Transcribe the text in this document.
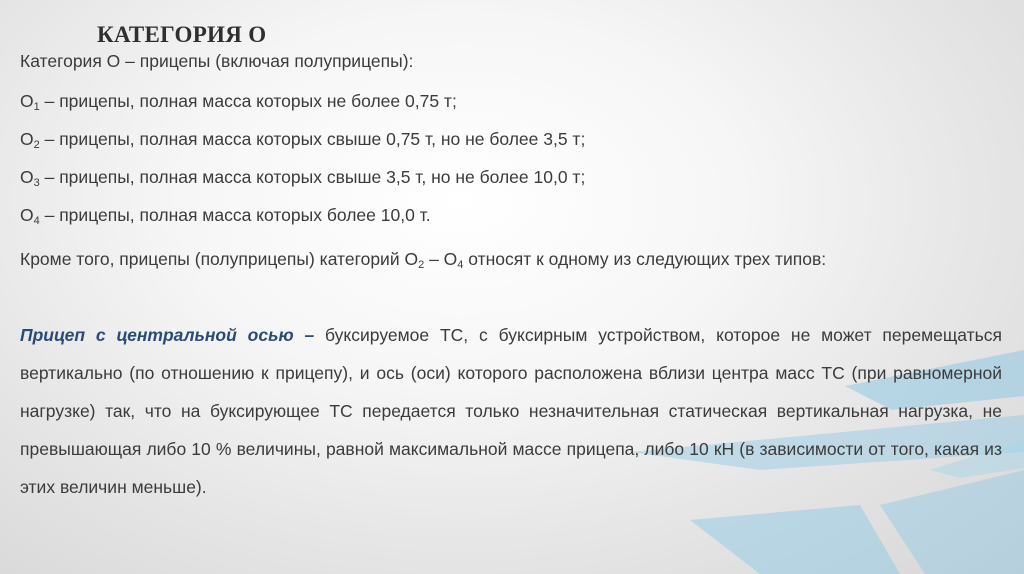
КАТЕГОРИЯ О

Категория О – прицепы (включая полуприцепы):

$О_1$ – прицепы, полная масса которых не более 0,75 т;

$О_2$ – прицепы, полная масса которых свыше 0,75 т, но не более 3,5 т;

$О_3$ – прицепы, полная масса которых свыше 3,5 т, но не более 10,0 т;

$О_4$ – прицепы, полная масса которых более 10,0 т.

Кроме того, прицепы (полуприцепы) категорий $О_2 - О_4$ относят к одному из следующих трех типов:

Прицеп с центральной осью – буксируемое ТС, с буксирным устройством, которое не может перемещаться вертикально (по отношению к прицепу), и ось (оси) которого расположена вблизи центра масс ТС (при равномерной нагрузке) так, что на буксирующее ТС передается только незначительная статическая вертикальная нагрузка, не превышающая либо 10 % величины, равной максимальной массе прицепа, либо 10 кН (в зависимости от того, какая из этих величин меньше).
